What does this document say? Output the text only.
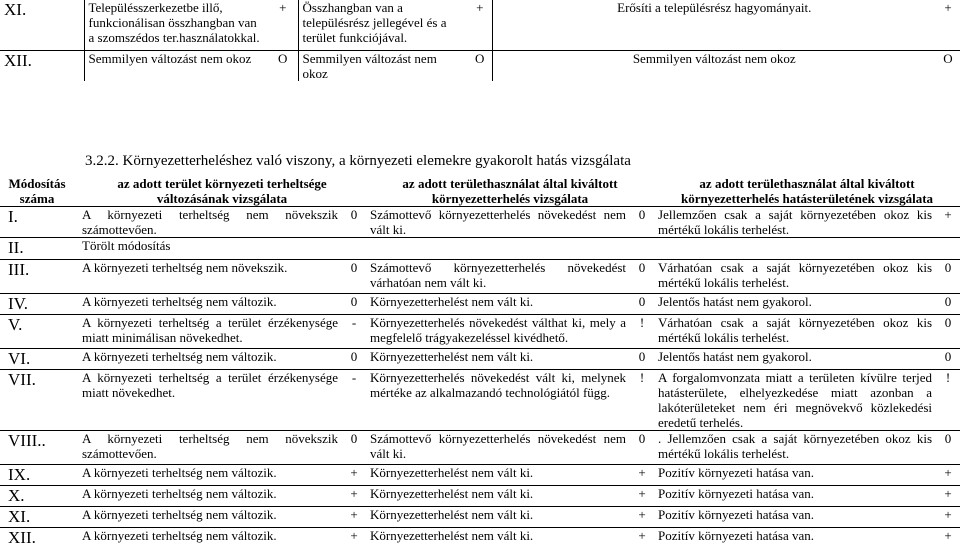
XI.	Településszerkezetbe illő, funkcionálisan összhangban van a szomszédos ter.használatokkal.	+	Összhangban van a településrész jellegével és a terület funkciójával.	+	Erősíti a településrész hagyományait.	+
XII.	Semmilyen változást nem okoz	O	Semmilyen változást nem okoz	O	Semmilyen változást nem okoz	O
3.2.2. Környezetterheléshez való viszony, a környezeti elemekre gyakorolt hatás vizsgálata
Módosítás száma	az adott terület környezeti terheltsége változásának vizsgálata		az adott területhasználat által kiváltott környezetterhelés vizsgálata		az adott területhasználat által kiváltott környezetterhelés hatásterületének vizsgálata	
I.	A környezeti terheltség nem növekszik számottevően.	0	Számottevő környezetterhelés növekedést nem vált ki.	0	Jellemzően csak a saját környezetében okoz kis mértékű lokális terhelést.	+
II.	Törölt módosítás					
III.	A környezeti terheltség nem növekszik.	0	Számottevő környezetterhelés növekedést várhatóan nem vált ki.	0	Várhatóan csak a saját környezetében okoz kis mértékű lokális terhelést.	0
IV.	A környezeti terheltség nem változik.	0	Környezetterhelést nem vált ki.	0	Jelentős hatást nem gyakorol.	0
V.	A környezeti terheltség a terület érzékenysége miatt minimálisan növekedhet.	-	Környezetterhelés növekedést válthat ki, mely a megfelelő trágyakezeléssel kivédhető.	!	Várhatóan csak a saját környezetében okoz kis mértékű lokális terhelést.	0
VI.	A környezeti terheltség nem változik.	0	Környezetterhelést nem vált ki.	0	Jelentős hatást nem gyakorol.	0
VII.	A környezeti terheltség a terület érzékenysége miatt növekedhet.	-	Környezetterhelés növekedést vált ki, melynek mértéke az alkalmazandó technológiától függ.	!	A forgalomvonzata miatt a területen kívülre terjed hatásterülete, elhelyezkedése miatt azonban a lakóterületeket nem éri megnövekvő közlekedési eredetű terhelés.	!
VIII..	A környezeti terheltség nem növekszik számottevően.	0	Számottevő környezetterhelés növekedést nem vált ki.	0	. Jellemzően csak a saját környezetében okoz kis mértékű lokális terhelést.	0
IX.	A környezeti terheltség nem változik.	+	Környezetterhelést nem vált ki.	+	Pozitív környezeti hatása van.	+
X.	A környezeti terheltség nem változik.	+	Környezetterhelést nem vált ki.	+	Pozitív környezeti hatása van.	+
XI.	A környezeti terheltség nem változik.	+	Környezetterhelést nem vált ki.	+	Pozitív környezeti hatása van.	+
XII.	A környezeti terheltség nem változik.	+	Környezetterhelést nem vált ki.	+	Pozitív környezeti hatása van.	+
